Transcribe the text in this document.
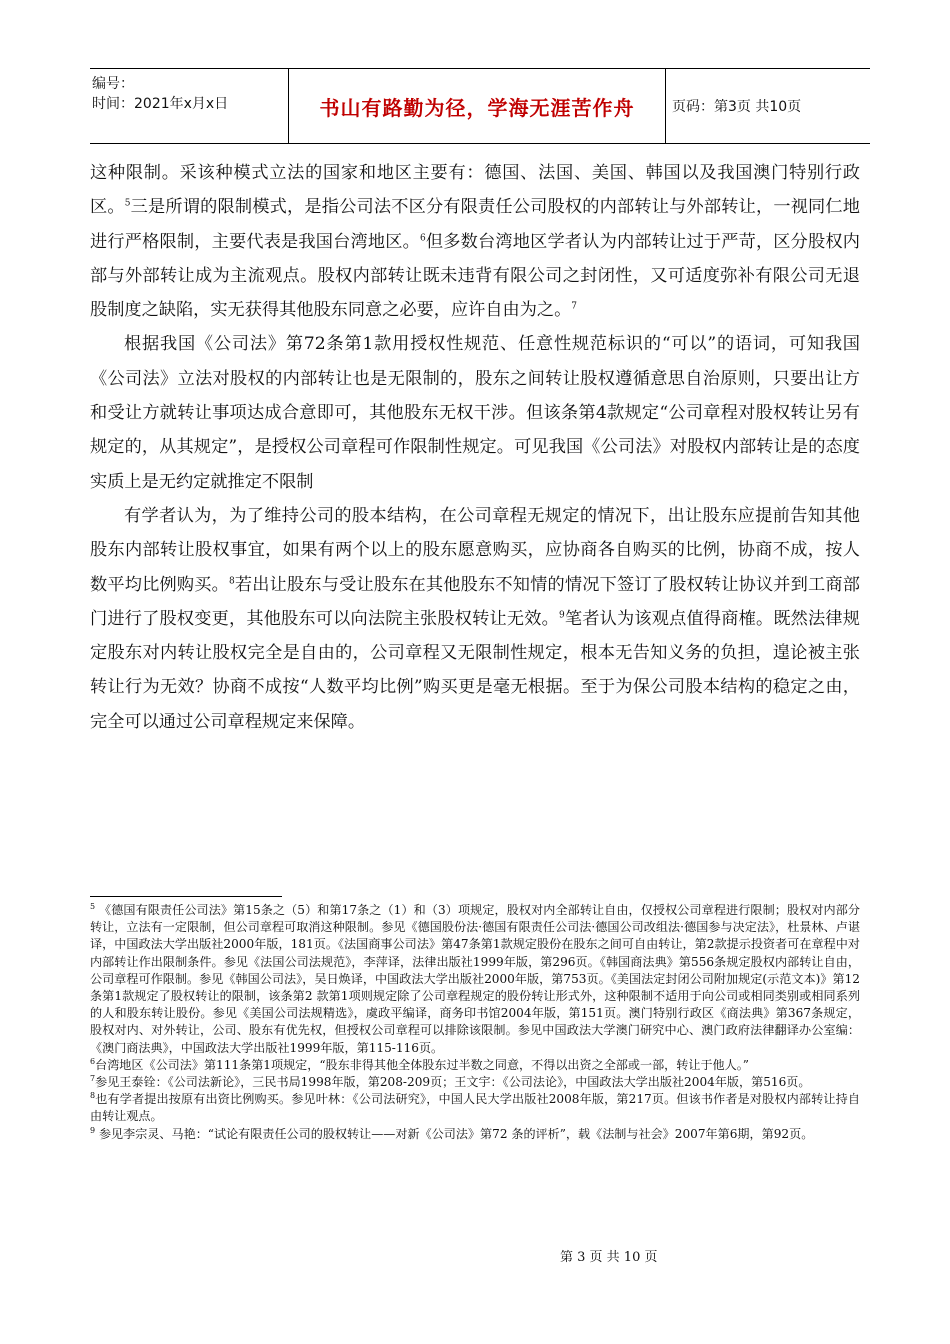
编号：
时间：2021年x月x日	书山有路勤为径，学海无涯苦作舟	页码：第3页 共10页

这种限制。采该种模式立法的国家和地区主要有：德国、法国、美国、韩国以及我国澳门特别行政区。$^5$三是所谓的限制模式，是指公司法不区分有限责任公司股权的内部转让与外部转让，一视同仁地进行严格限制，主要代表是我国台湾地区。$^6$但多数台湾地区学者认为内部转让过于严苛，区分股权内部与外部转让成为主流观点。股权内部转让既未违背有限公司之封闭性，又可适度弥补有限公司无退股制度之缺陷，实无获得其他股东同意之必要，应许自由为之。$^7$

根据我国《公司法》第72条第1款用授权性规范、任意性规范标识的“可以”的语词，可知我国《公司法》立法对股权的内部转让也是无限制的，股东之间转让股权遵循意思自治原则，只要出让方和受让方就转让事项达成合意即可，其他股东无权干涉。但该条第4款规定“公司章程对股权转让另有规定的，从其规定”，是授权公司章程可作限制性规定。可见我国《公司法》对股权内部转让是的态度实质上是无约定就推定不限制

有学者认为，为了维持公司的股本结构，在公司章程无规定的情况下，出让股东应提前告知其他股东内部转让股权事宜，如果有两个以上的股东愿意购买，应协商各自购买的比例，协商不成，按人数平均比例购买。$^8$若出让股东与受让股东在其他股东不知情的情况下签订了股权转让协议并到工商部门进行了股权变更，其他股东可以向法院主张股权转让无效。$^9$笔者认为该观点值得商榷。既然法律规定股东对内转让股权完全是自由的，公司章程又无限制性规定，根本无告知义务的负担，遑论被主张转让行为无效？协商不成按“人数平均比例”购买更是毫无根据。至于为保公司股本结构的稳定之由，完全可以通过公司章程规定来保障。

$^5$ 《德国有限责任公司法》第15条之（5）和第17条之（1）和（3）项规定，股权对内全部转让自由，仅授权公司章程进行限制；股权对内部分转让，立法有一定限制，但公司章程可取消这种限制。参见《德国股份法·德国有限责任公司法·德国公司改组法·德国参与决定法》，杜景林、卢谌译，中国政法大学出版社2000年版，181页。《法国商事公司法》第47条第1款规定股份在股东之间可自由转让，第2款提示投资者可在章程中对内部转让作出限制条件。参见《法国公司法规范》，李萍译，法律出版社1999年版，第296页。《韩国商法典》第556条规定股权内部转让自由，公司章程可作限制。参见《韩国公司法》，吴日焕译，中国政法大学出版社2000年版，第753页。《美国法定封闭公司附加规定(示范文本)》第12条第1款规定了股权转让的限制，该条第2 款第1项则规定除了公司章程规定的股份转让形式外，这种限制不适用于向公司或相同类别或相同系列的人和股东转让股份。参见《美国公司法规精选》，虞政平编译，商务印书馆2004年版，第151页。澳门特别行政区《商法典》第367条规定，股权对内、对外转让，公司、股东有优先权，但授权公司章程可以排除该限制。参见中国政法大学澳门研究中心、澳门政府法律翻译办公室编：《澳门商法典》，中国政法大学出版社1999年版，第115-116页。

$^6$台湾地区《公司法》第111条第1项规定，“股东非得其他全体股东过半数之同意，不得以出资之全部或一部，转让于他人。”

$^7$参见王泰铨：《公司法新论》，三民书局1998年版，第208-209页；王文宇：《公司法论》，中国政法大学出版社2004年版，第516页。

$^8$也有学者提出按原有出资比例购买。参见叶林：《公司法研究》，中国人民大学出版社2008年版，第217页。但该书作者是对股权内部转让持自由转让观点。

$^9$ 参见李宗灵、马艳：“试论有限责任公司的股权转让——对新《公司法》第72 条的评析”，载《法制与社会》2007年第6期，第92页。

第 3 页 共 10 页
